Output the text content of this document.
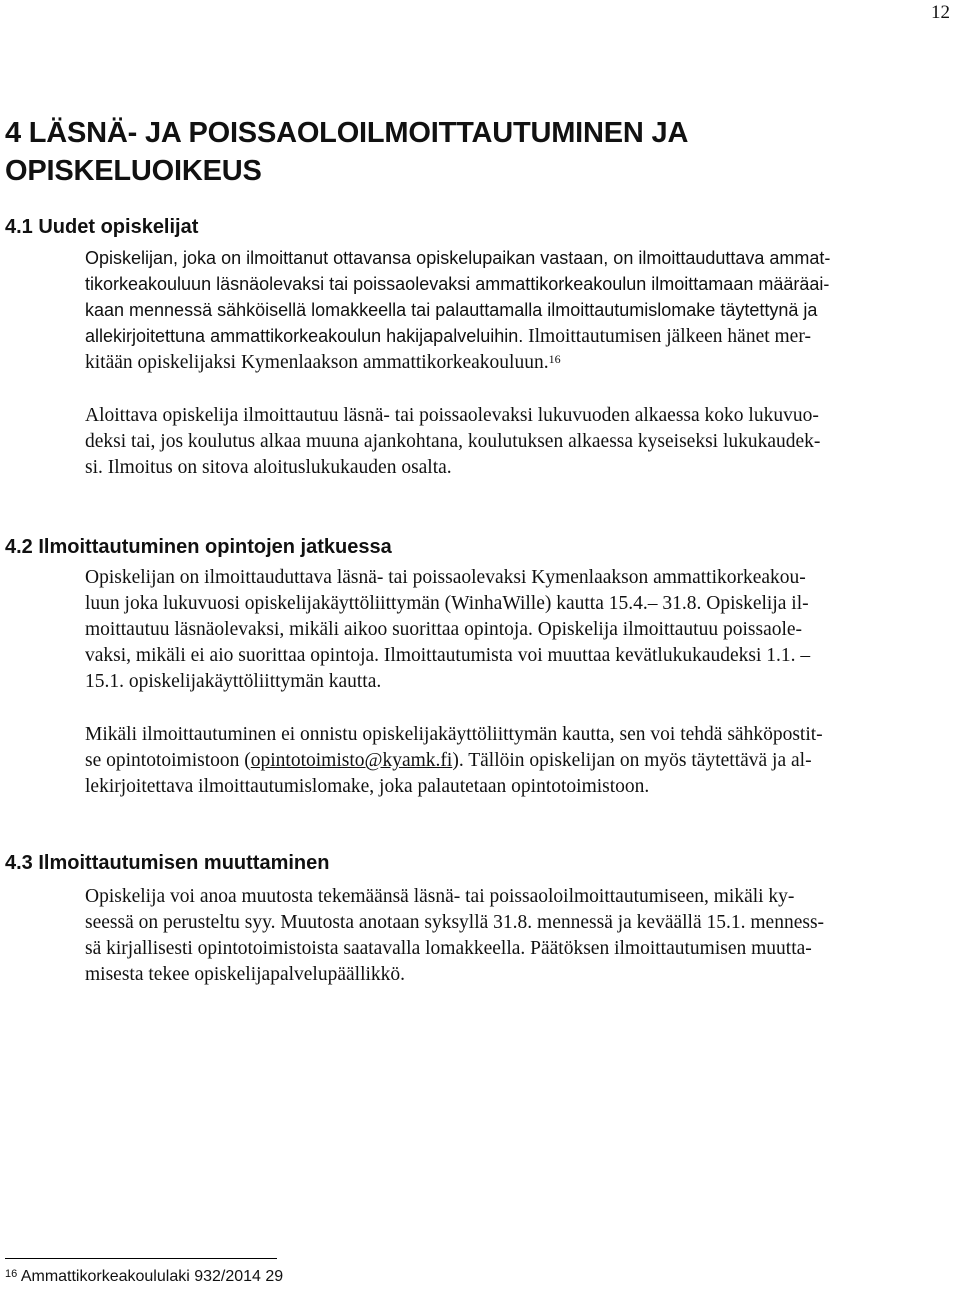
12
4 LÄSNÄ- JA POISSAOLOILMOITTAUTUMINEN JA
OPISKELUOIKEUS
4.1 Uudet opiskelijat

Opiskelijan, joka on ilmoittanut ottavansa opiskelupaikan vastaan, on ilmoittauduttava ammat-
tikorkeakouluun läsnäolevaksi tai poissaolevaksi ammattikorkeakoulun ilmoittamaan määräai-
kaan mennessä sähköisellä lomakkeella tai palauttamalla ilmoittautumislomake täytettynä ja
allekirjoitettuna ammattikorkeakoulun hakijapalveluihin. Ilmoittautumisen jälkeen hänet mer-
kitään opiskelijaksi Kymenlaakson ammattikorkeakouluun.$^{16}$

Aloittava opiskelija ilmoittautuu läsnä- tai poissaolevaksi lukuvuoden alkaessa koko lukuvuo-
deksi tai, jos koulutus alkaa muuna ajankohtana, koulutuksen alkaessa kyseiseksi lukukaudek-
si. Ilmoitus on sitova aloituslukukauden osalta.

4.2 Ilmoittautuminen opintojen jatkuessa

Opiskelijan on ilmoittauduttava läsnä- tai poissaolevaksi Kymenlaakson ammattikorkeakou-
luun joka lukuvuosi opiskelijakäyttöliittymän (WinhaWille) kautta 15.4.– 31.8. Opiskelija il-
moittautuu läsnäolevaksi, mikäli aikoo suorittaa opintoja. Opiskelija ilmoittautuu poissaole-
vaksi, mikäli ei aio suorittaa opintoja. Ilmoittautumista voi muuttaa kevätlukukaudeksi 1.1. –
15.1. opiskelijakäyttöliittymän kautta.

Mikäli ilmoittautuminen ei onnistu opiskelijakäyttöliittymän kautta, sen voi tehdä sähköpostit-
se opintotoimistoon (opintotoimisto@kyamk.fi). Tällöin opiskelijan on myös täytettävä ja al-
lekirjoitettava ilmoittautumislomake, joka palautetaan opintotoimistoon.

4.3 Ilmoittautumisen muuttaminen

Opiskelija voi anoa muutosta tekemäänsä läsnä- tai poissaoloilmoittautumiseen, mikäli ky-
seessä on perusteltu syy. Muutosta anotaan syksyllä 31.8. mennessä ja keväällä 15.1. menness-
sä kirjallisesti opintotoimistoista saatavalla lomakkeella. Päätöksen ilmoittautumisen muutta-
misesta tekee opiskelijapalvelupäällikkö.

$^{16}$ Ammattikorkeakoululaki 932/2014 29
